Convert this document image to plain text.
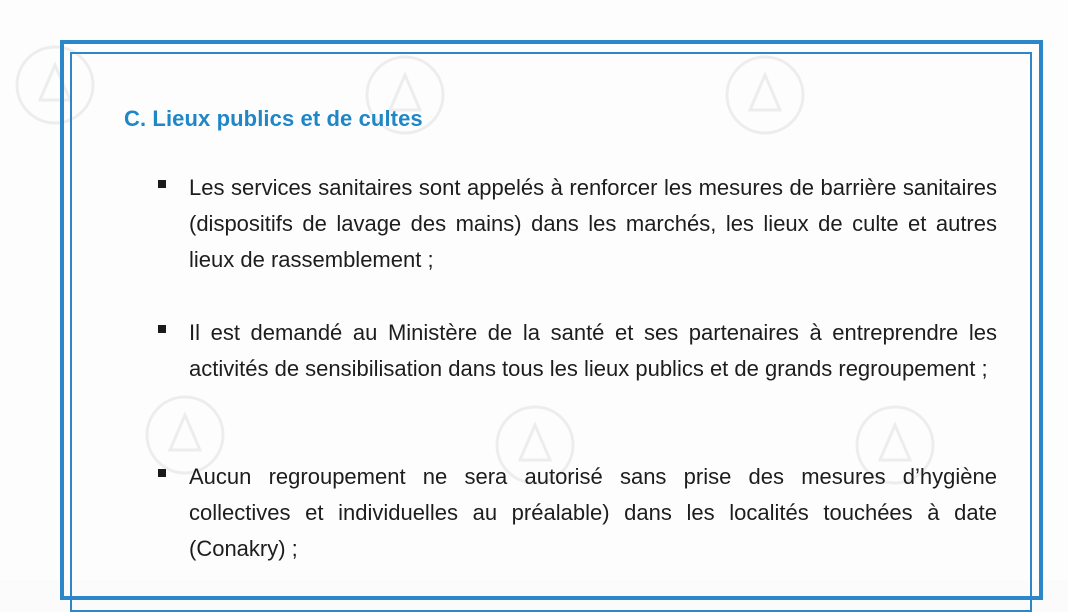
C. Lieux publics et de cultes
Les services sanitaires sont appelés à renforcer les mesures de barrière sanitaires (dispositifs de lavage des mains) dans les marchés, les lieux de culte et autres lieux de rassemblement ;
Il est demandé au Ministère de la santé et ses partenaires à entreprendre les activités de sensibilisation dans tous les lieux publics et de grands regroupement ;
Aucun regroupement ne sera autorisé sans prise des mesures d’hygiène collectives et individuelles au préalable) dans les localités touchées à date (Conakry) ;
